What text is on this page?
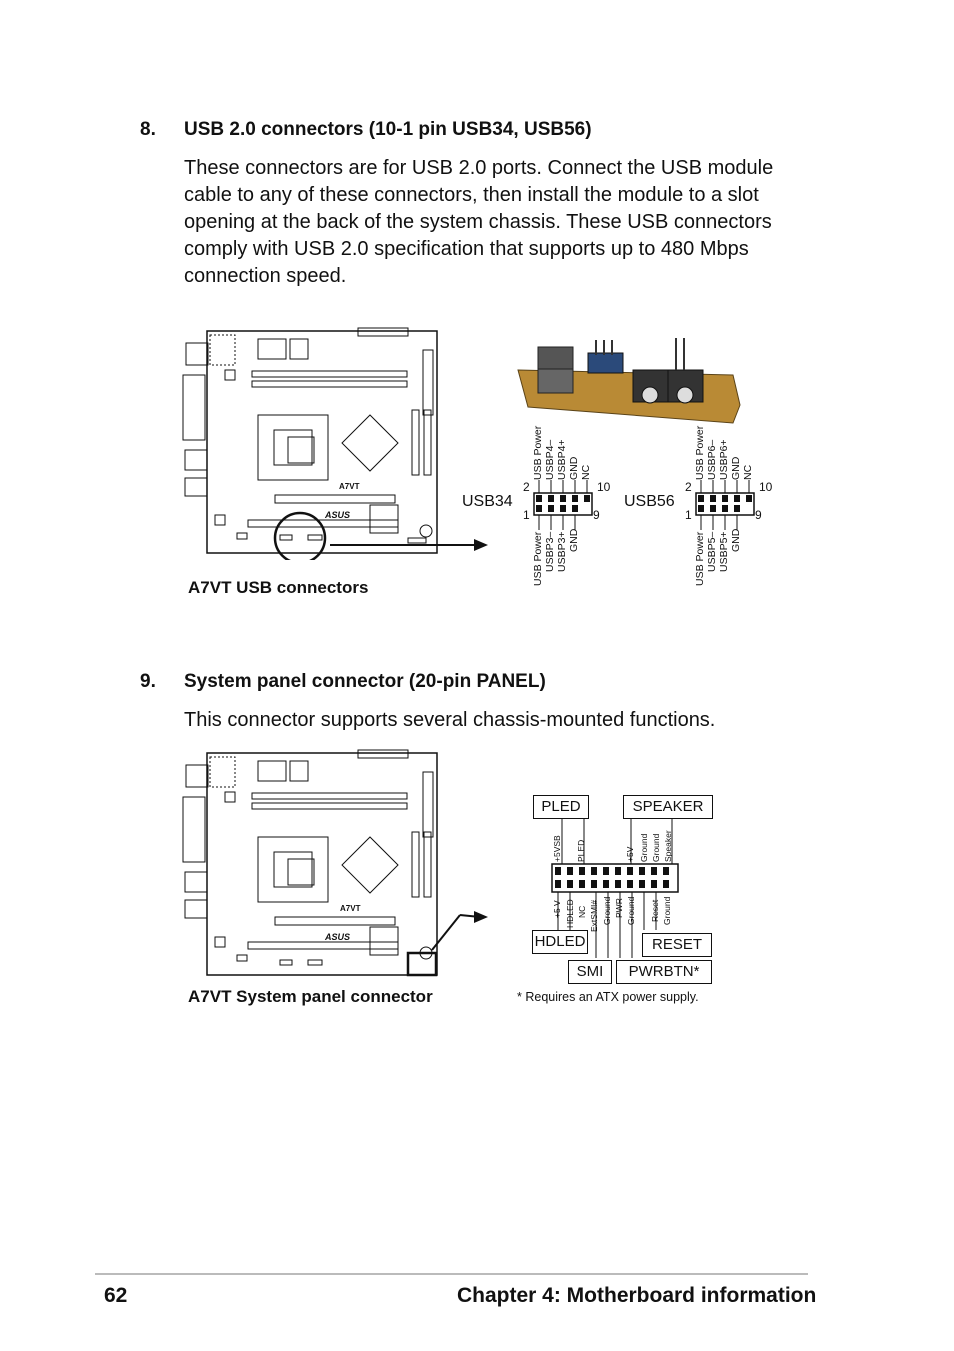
8. USB 2.0 connectors (10-1 pin USB34, USB56)
These connectors are for USB 2.0 ports. Connect the USB module cable to any of these connectors, then install the module to a slot opening at the back of the system chassis. These USB connectors comply with USB 2.0 specification that supports up to 480 Mbps connection speed.
A7VT
ASUS
A7VT USB connectors
USB34
2	10
1	9
USB Power USBP4– USBP4+ GND NC
USB Power USBP3– USBP3+ GND
USB56
2	10
1	9
USB Power USBP6– USBP6+ GND NC
USB Power USBP5– USBP5+ GND
9. System panel connector (20-pin PANEL)
This connector supports several chassis-mounted functions.
A7VT
ASUS
A7VT System panel connector
PLED	SPEAKER
+5VSB PLED	+5V Ground Ground Speaker
+5 V HDLED NC ExtSMI# Ground PWR Ground Reset Ground
HDLED	RESET
SMI	PWRBTN*
* Requires an ATX power supply.
62	Chapter 4: Motherboard information
